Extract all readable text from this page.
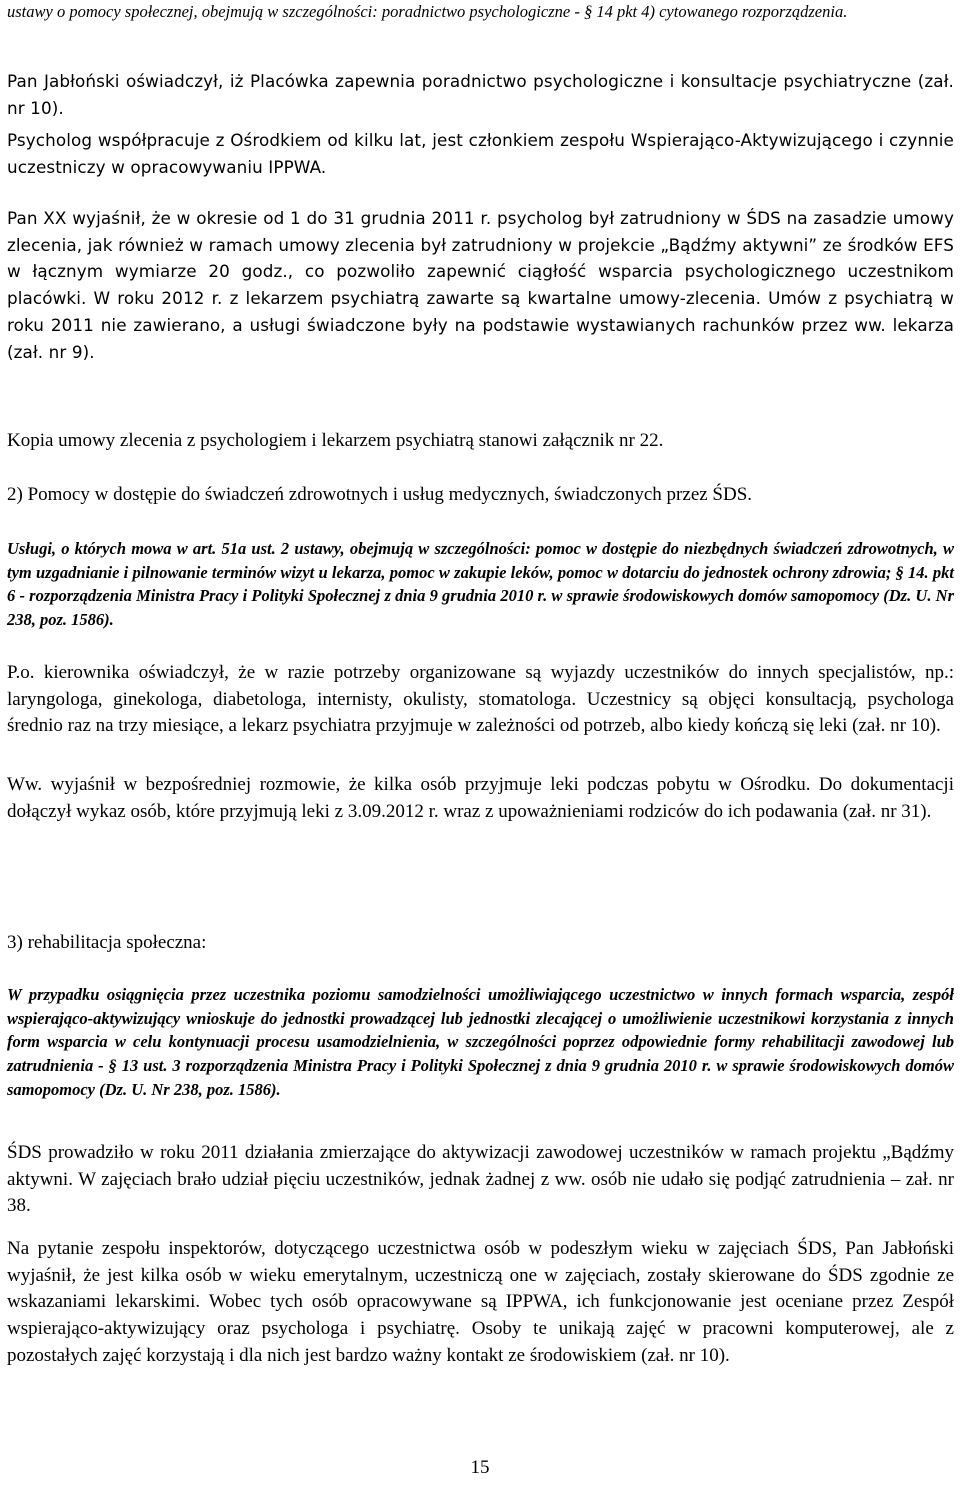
ustawy o pomocy społecznej, obejmują w szczególności: poradnictwo psychologiczne - § 14 pkt 4) cytowanego rozporządzenia.

Pan Jabłoński oświadczył, iż Placówka zapewnia poradnictwo psychologiczne i konsultacje psychiatryczne (zał. nr 10).

Psycholog współpracuje z Ośrodkiem od kilku lat, jest członkiem zespołu Wspierająco-Aktywizującego i czynnie uczestniczy w opracowywaniu IPPWA.

Pan XX wyjaśnił, że w okresie od 1 do 31 grudnia 2011 r. psycholog był zatrudniony w ŚDS na zasadzie umowy zlecenia, jak również w ramach umowy zlecenia był zatrudniony w projekcie „Bądźmy aktywni” ze środków EFS w łącznym wymiarze 20 godz., co pozwoliło zapewnić ciągłość wsparcia psychologicznego uczestnikom placówki. W roku 2012 r. z lekarzem psychiatrą zawarte są kwartalne umowy-zlecenia. Umów z psychiatrą w roku 2011 nie zawierano, a usługi świadczone były na podstawie wystawianych rachunków przez ww. lekarza (zał. nr 9).

Kopia umowy zlecenia z psychologiem i lekarzem psychiatrą stanowi załącznik nr 22.

2) Pomocy w dostępie do świadczeń zdrowotnych i usług medycznych, świadczonych przez ŚDS.

Usługi, o których mowa w art. 51a ust. 2 ustawy, obejmują w szczególności: pomoc w dostępie do niezbędnych świadczeń zdrowotnych, w tym uzgadnianie i pilnowanie terminów wizyt u lekarza, pomoc w zakupie leków, pomoc w dotarciu do jednostek ochrony zdrowia; § 14. pkt 6 - rozporządzenia Ministra Pracy i Polityki Społecznej z dnia 9 grudnia 2010 r. w sprawie środowiskowych domów samopomocy (Dz. U. Nr 238, poz. 1586).

P.o. kierownika oświadczył, że w razie potrzeby organizowane są wyjazdy uczestników do innych specjalistów, np.: laryngologa, ginekologa, diabetologa, internisty, okulisty, stomatologa. Uczestnicy są objęci konsultacją, psychologa średnio raz na trzy miesiące, a lekarz psychiatra przyjmuje w zależności od potrzeb, albo kiedy kończą się leki (zał. nr 10).

Ww. wyjaśnił w bezpośredniej rozmowie, że kilka osób przyjmuje leki podczas pobytu w Ośrodku. Do dokumentacji dołączył wykaz osób, które przyjmują leki z 3.09.2012 r. wraz z upoważnieniami rodziców do ich podawania (zał. nr 31).

3) rehabilitacja społeczna:

W przypadku osiągnięcia przez uczestnika poziomu samodzielności umożliwiającego uczestnictwo w innych formach wsparcia, zespół wspierająco-aktywizujący wnioskuje do jednostki prowadzącej lub jednostki zlecającej o umożliwienie uczestnikowi korzystania z innych form wsparcia w celu kontynuacji procesu usamodzielnienia, w szczególności poprzez odpowiednie formy rehabilitacji zawodowej lub zatrudnienia - § 13 ust. 3 rozporządzenia Ministra Pracy i Polityki Społecznej z dnia 9 grudnia 2010 r. w sprawie środowiskowych domów samopomocy (Dz. U. Nr 238, poz. 1586).

ŚDS prowadziło w roku 2011 działania zmierzające do aktywizacji zawodowej uczestników w ramach projektu „Bądźmy aktywni. W zajęciach brało udział pięciu uczestników, jednak żadnej z ww. osób nie udało się podjąć zatrudnienia – zał. nr 38.

Na pytanie zespołu inspektorów, dotyczącego uczestnictwa osób w podeszłym wieku w zajęciach ŚDS, Pan Jabłoński wyjaśnił, że jest kilka osób w wieku emerytalnym, uczestniczą one w zajęciach, zostały skierowane do ŚDS zgodnie ze wskazaniami lekarskimi. Wobec tych osób opracowywane są IPPWA, ich funkcjonowanie jest oceniane przez Zespół wspierająco-aktywizujący oraz psychologa i psychiatrę. Osoby te unikają zajęć w pracowni komputerowej, ale z pozostałych zajęć korzystają i dla nich jest bardzo ważny kontakt ze środowiskiem (zał. nr 10).

15
